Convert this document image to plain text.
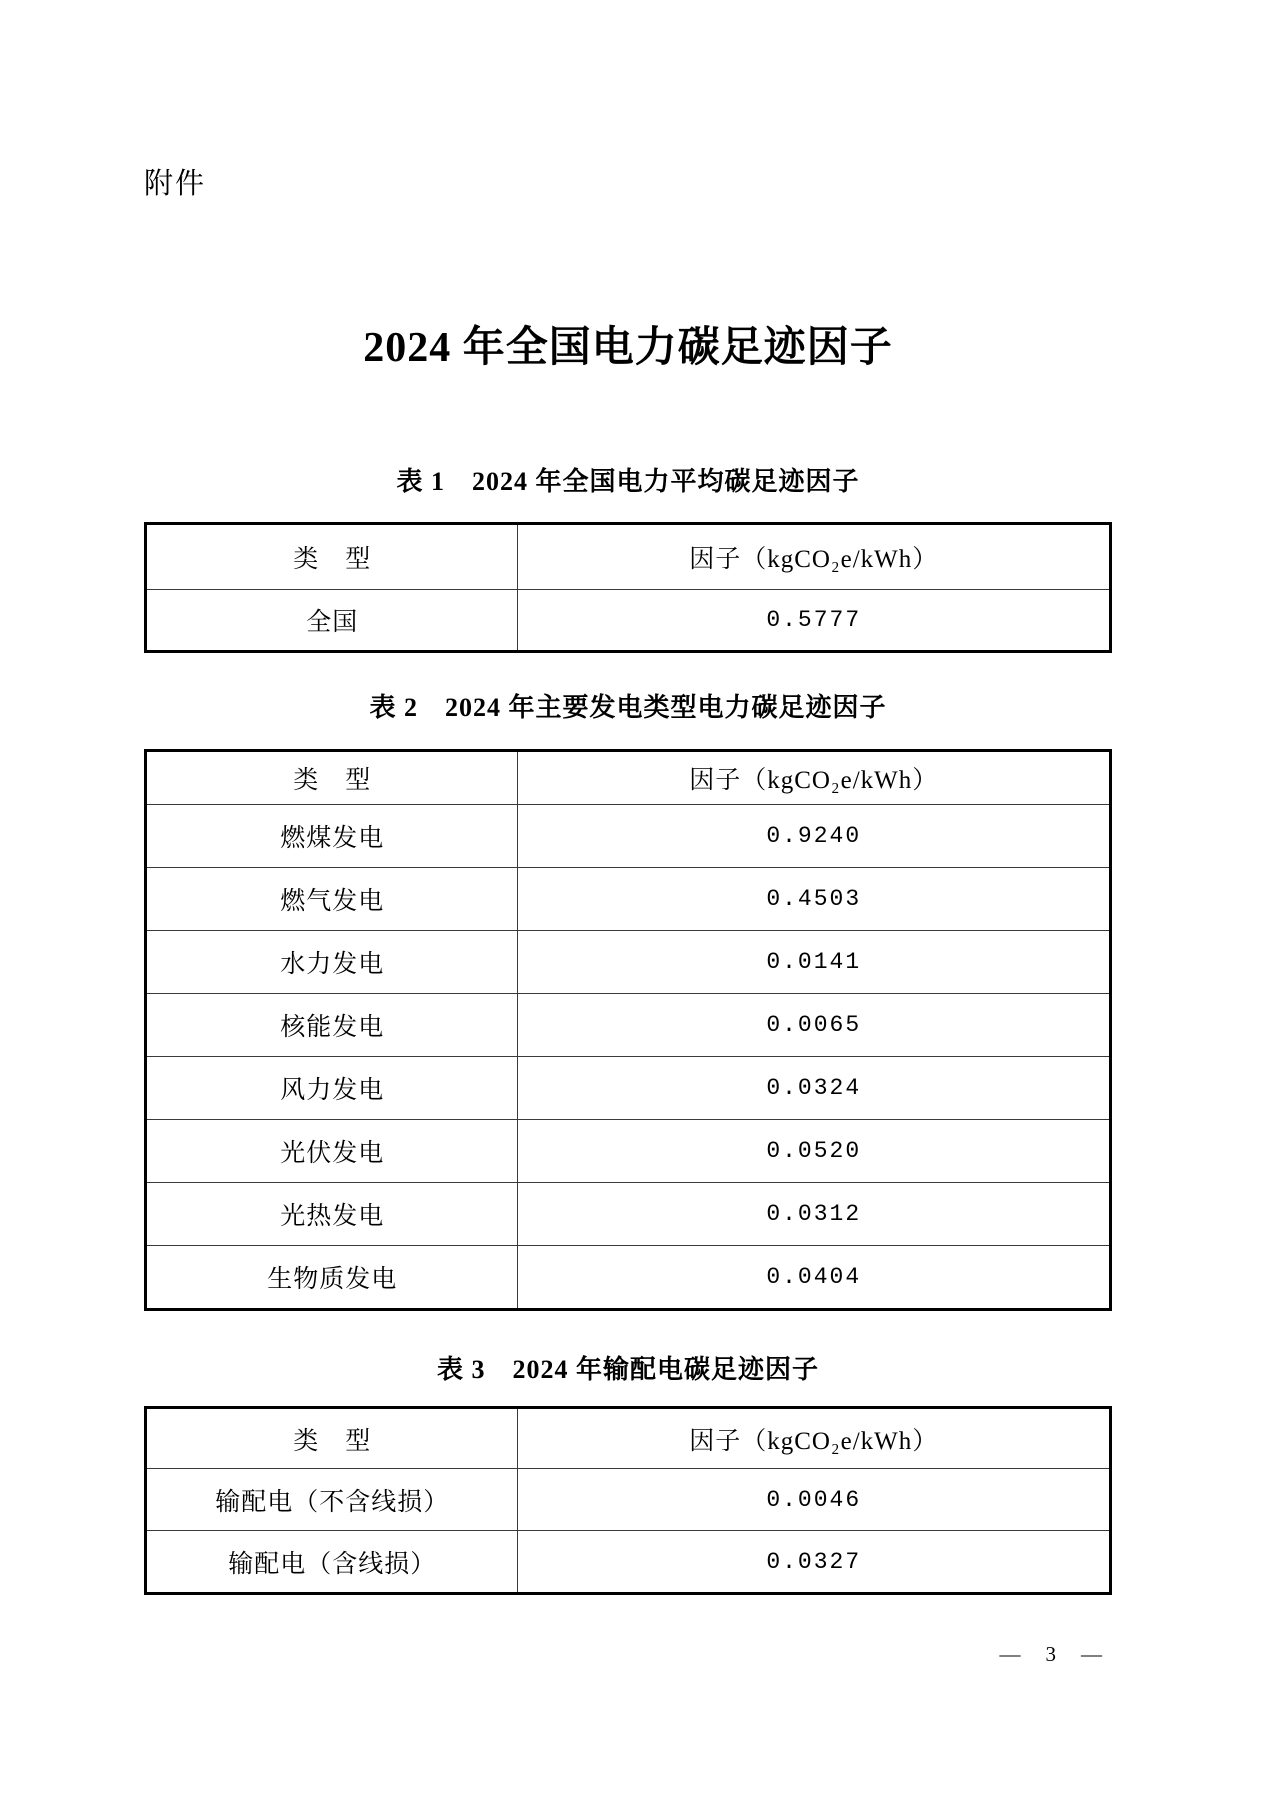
附件
2024 年全国电力碳足迹因子
表 1　2024 年全国电力平均碳足迹因子
类　型	因子（kgCO₂e/kWh）
全国	0.5777
表 2　2024 年主要发电类型电力碳足迹因子
类　型	因子（kgCO₂e/kWh）
燃煤发电	0.9240
燃气发电	0.4503
水力发电	0.0141
核能发电	0.0065
风力发电	0.0324
光伏发电	0.0520
光热发电	0.0312
生物质发电	0.0404
表 3　2024 年输配电碳足迹因子
类　型	因子（kgCO₂e/kWh）
输配电（不含线损）	0.0046
输配电（含线损）	0.0327
—　3　—
